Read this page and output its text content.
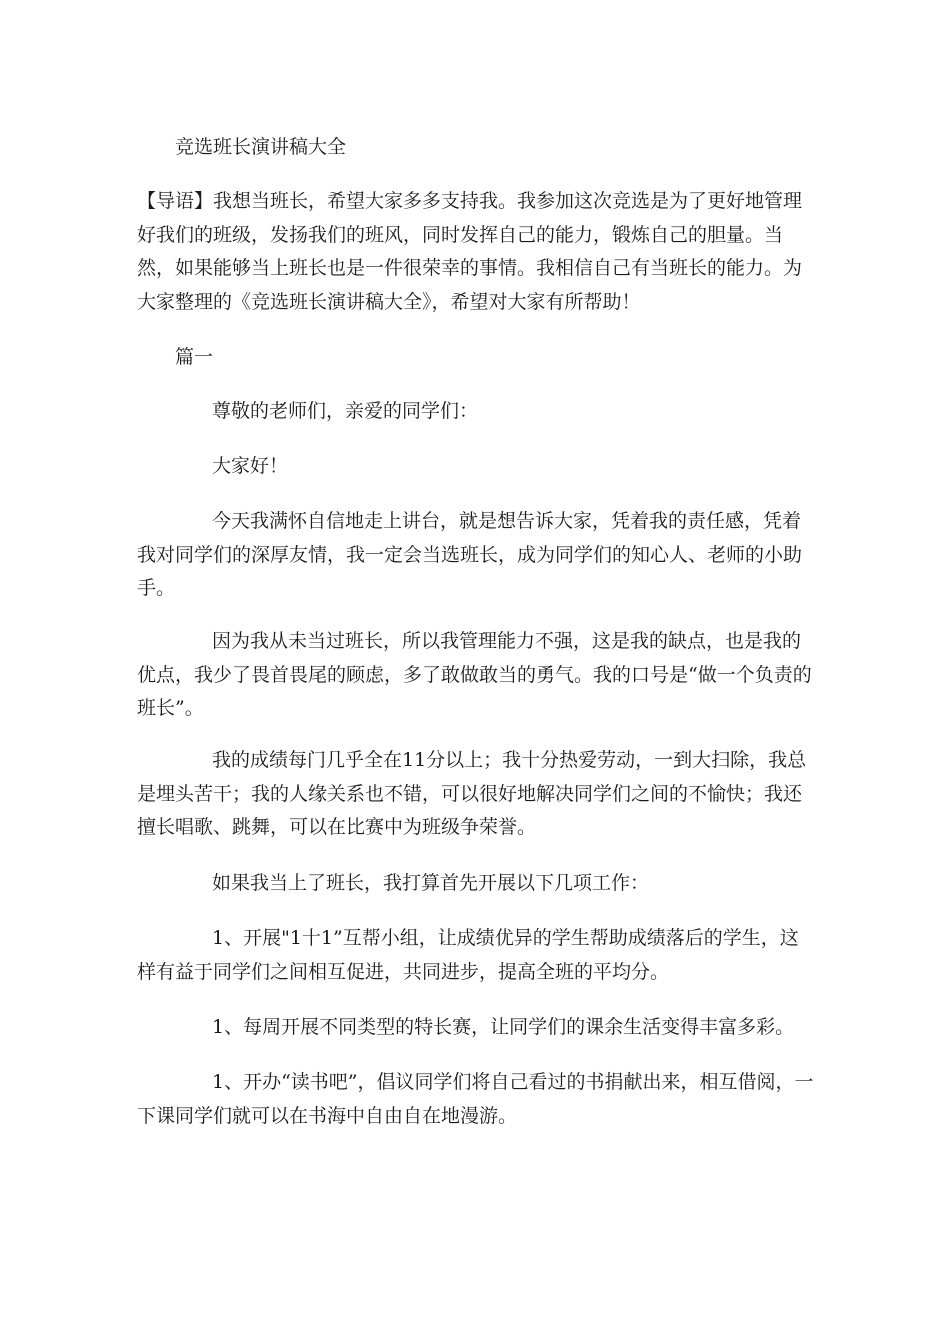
竞选班长演讲稿大全

【导语】我想当班长，希望大家多多支持我。我参加这次竞选是为了更好地管理好我们的班级，发扬我们的班风，同时发挥自己的能力，锻炼自己的胆量。当然，如果能够当上班长也是一件很荣幸的事情。我相信自己有当班长的能力。为大家整理的《竞选班长演讲稿大全》，希望对大家有所帮助！

篇一

尊敬的老师们，亲爱的同学们：

大家好！

今天我满怀自信地走上讲台，就是想告诉大家，凭着我的责任感，凭着我对同学们的深厚友情，我一定会当选班长，成为同学们的知心人、老师的小助手。

因为我从未当过班长，所以我管理能力不强，这是我的缺点，也是我的优点，我少了畏首畏尾的顾虑，多了敢做敢当的勇气。我的口号是“做一个负责的班长”。

我的成绩每门几乎全在11分以上；我十分热爱劳动，一到大扫除，我总是埋头苦干；我的人缘关系也不错，可以很好地解决同学们之间的不愉快；我还擅长唱歌、跳舞，可以在比赛中为班级争荣誉。

如果我当上了班长，我打算首先开展以下几项工作：

1、开展"1十1”互帮小组，让成绩优异的学生帮助成绩落后的学生，这样有益于同学们之间相互促进，共同进步，提高全班的平均分。

1、每周开展不同类型的特长赛，让同学们的课余生活变得丰富多彩。

1、开办“读书吧”，倡议同学们将自己看过的书捐献出来，相互借阅，一下课同学们就可以在书海中自由自在地漫游。
